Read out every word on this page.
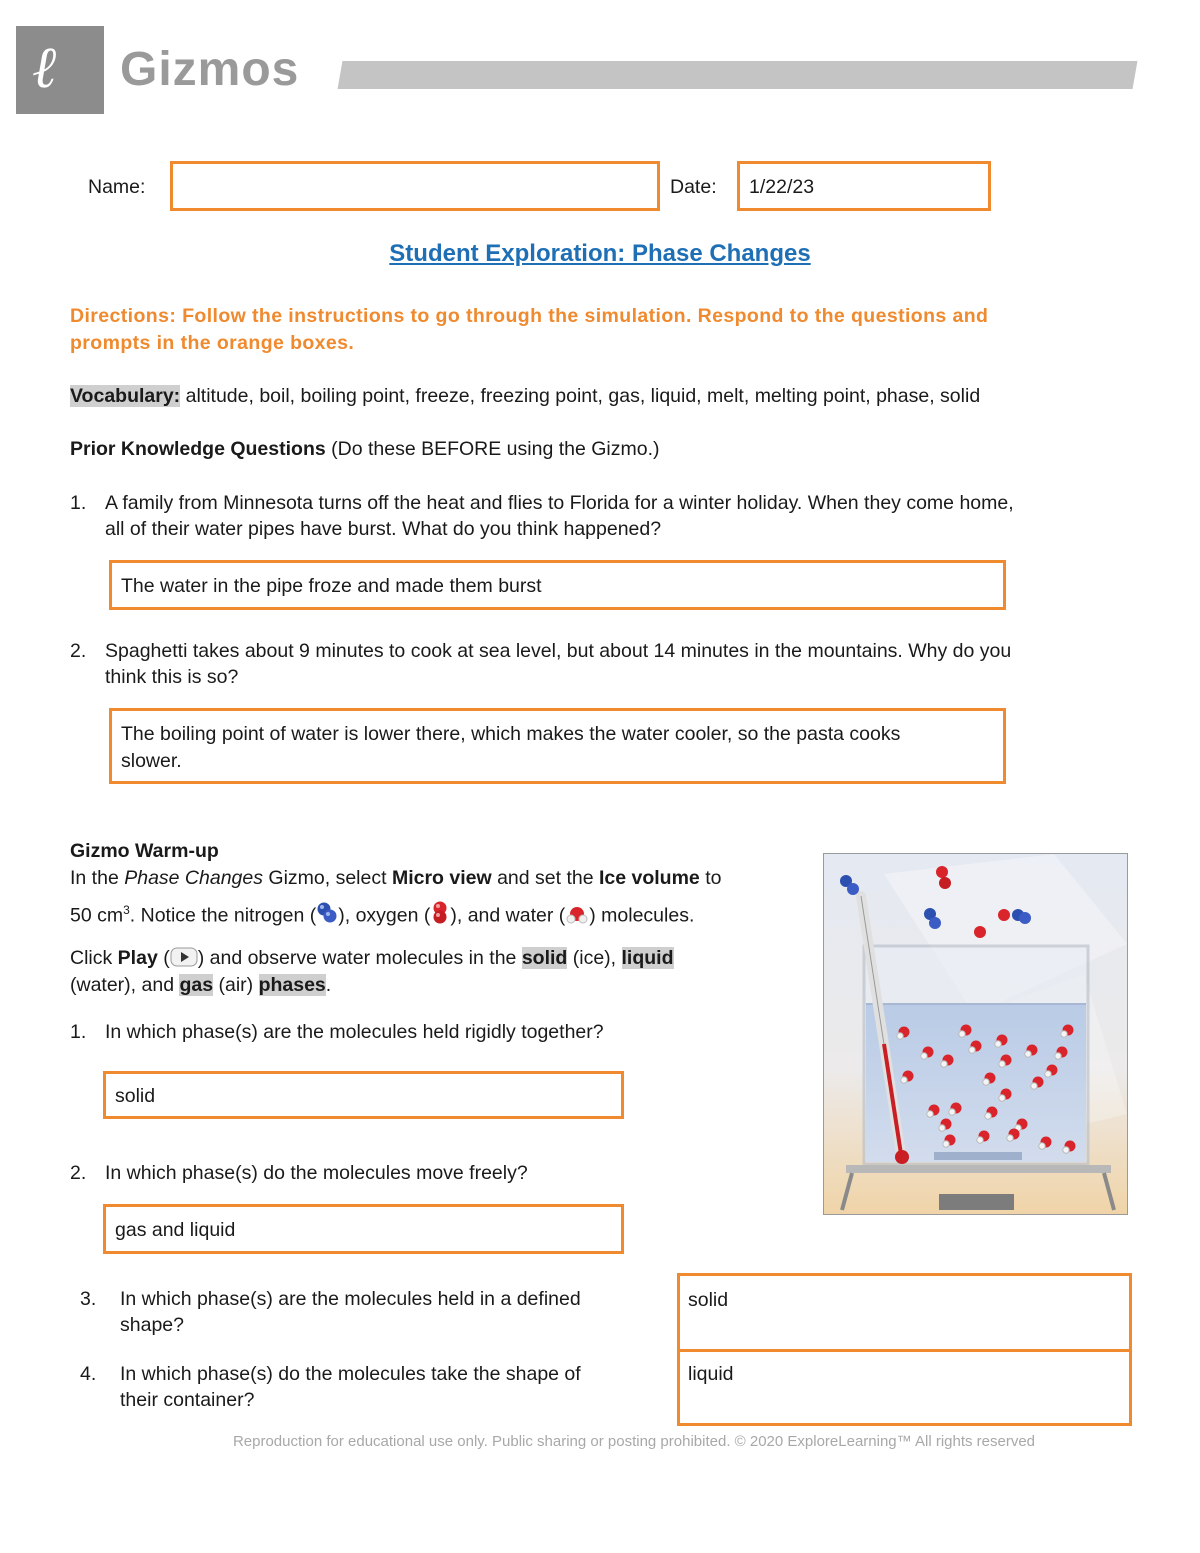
ℓ Gizmos
Name:	Date: 1/22/23
Student Exploration: Phase Changes
Directions: Follow the instructions to go through the simulation. Respond to the questions and prompts in the orange boxes.
Vocabulary: altitude, boil, boiling point, freeze, freezing point, gas, liquid, melt, melting point, phase, solid
Prior Knowledge Questions (Do these BEFORE using the Gizmo.)
1. A family from Minnesota turns off the heat and flies to Florida for a winter holiday. When they come home,
all of their water pipes have burst. What do you think happened?
The water in the pipe froze and made them burst
2. Spaghetti takes about 9 minutes to cook at sea level, but about 14 minutes in the mountains. Why do you
think this is so?
The boiling point of water is lower there, which makes the water cooler, so the pasta cooks
slower.
Gizmo Warm-up
In the Phase Changes Gizmo, select Micro view and set the Ice volume to
50 $cm^3$. Notice the nitrogen ( ), oxygen ( ), and water ( ) molecules.
Click Play ( ) and observe water molecules in the solid (ice), liquid
(water), and gas (air) phases.
1. In which phase(s) are the molecules held rigidly together?
solid
2. In which phase(s) do the molecules move freely?
gas and liquid
3. In which phase(s) are the molecules held in a defined
shape?
4. In which phase(s) do the molecules take the shape of
their container?
solid
liquid
Reproduction for educational use only. Public sharing or posting prohibited. © 2020 ExploreLearning™ All rights reserved
